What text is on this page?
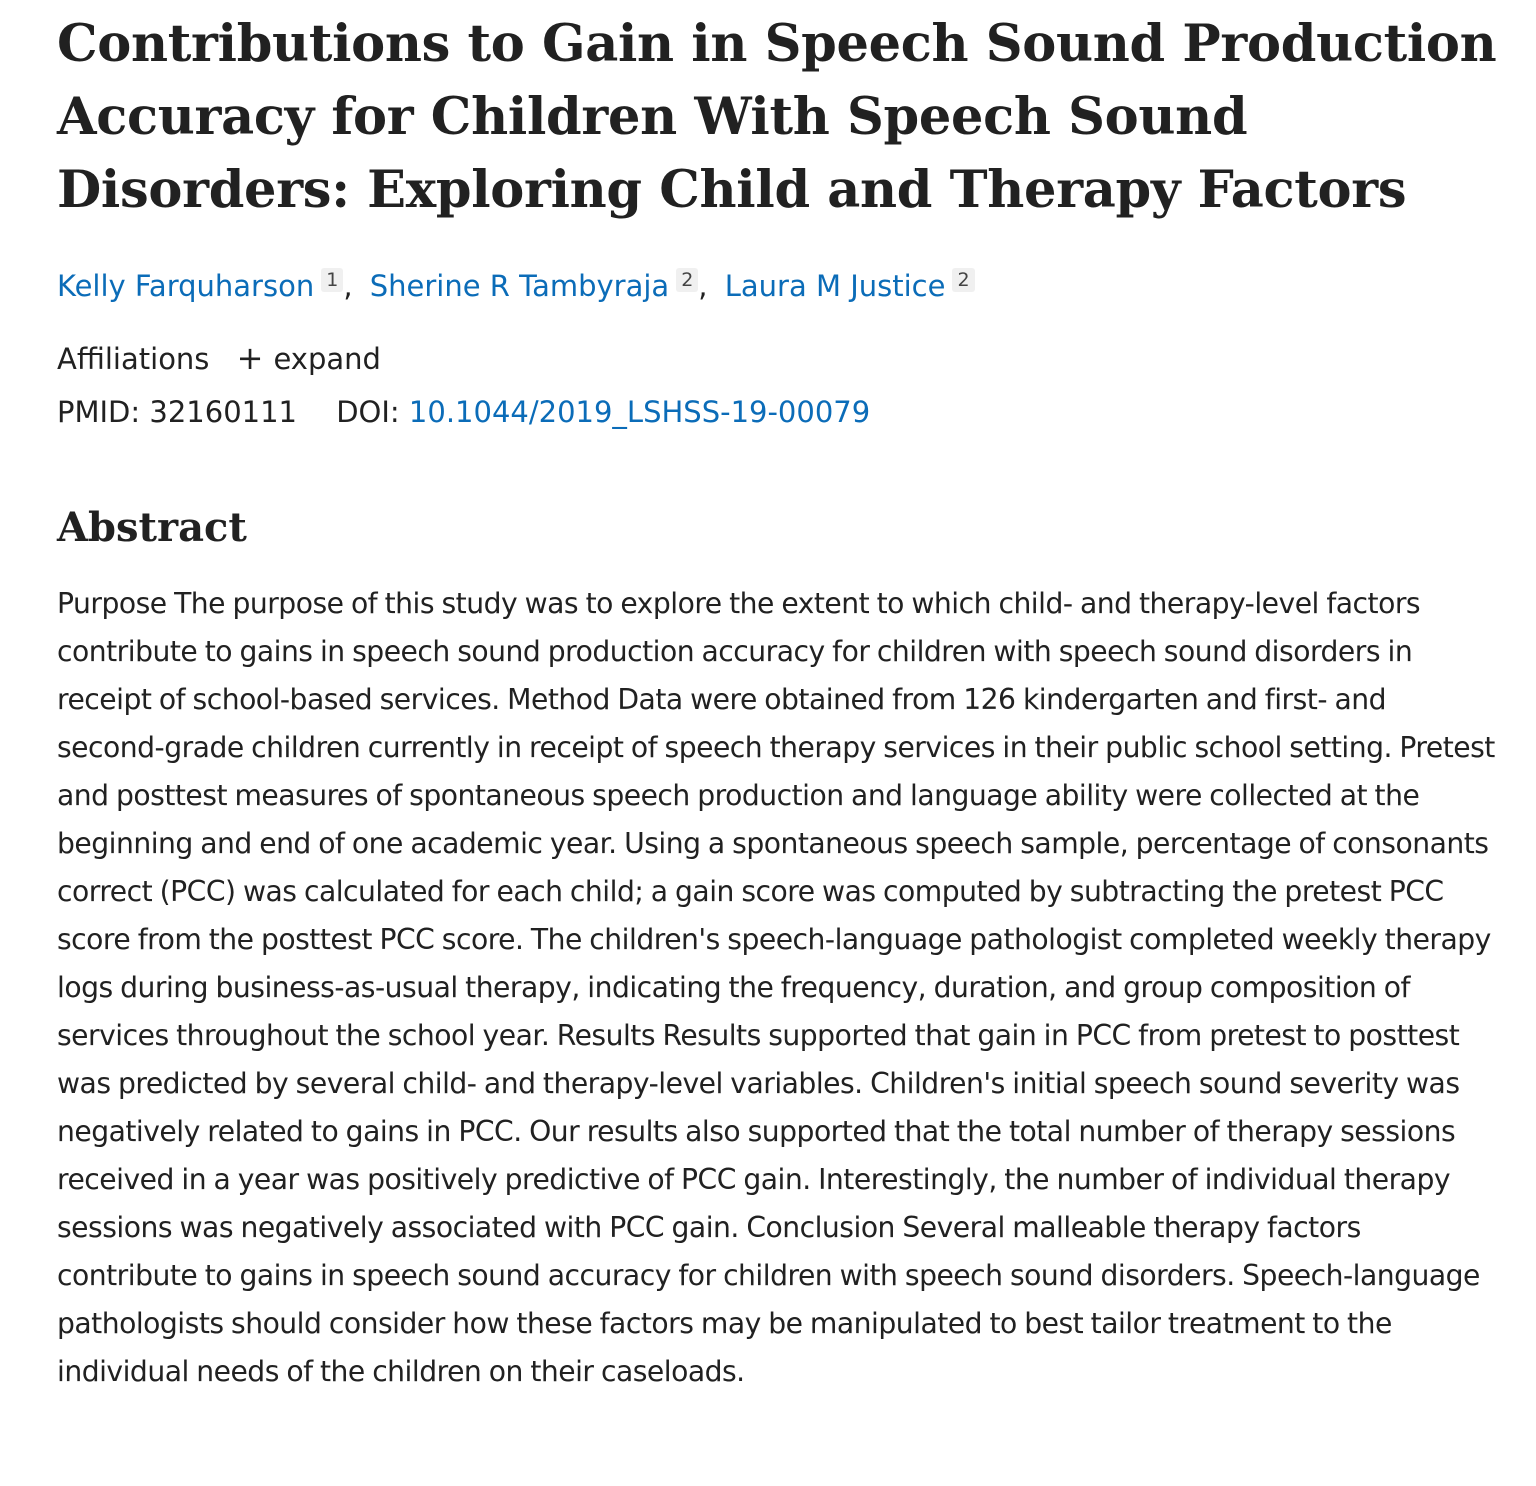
Contributions to Gain in Speech Sound Production Accuracy for Children With Speech Sound Disorders: Exploring Child and Therapy Factors
Kelly Farquharson 1 , Sherine R Tambyraja 2 , Laura M Justice 2
Affiliations + expand
PMID: 32160111 DOI: 10.1044/2019_LSHSS-19-00079
Abstract

Purpose The purpose of this study was to explore the extent to which child- and therapy-level factors contribute to gains in speech sound production accuracy for children with speech sound disorders in receipt of school-based services. Method Data were obtained from 126 kindergarten and first- and second-grade children currently in receipt of speech therapy services in their public school setting. Pretest and posttest measures of spontaneous speech production and language ability were collected at the beginning and end of one academic year. Using a spontaneous speech sample, percentage of consonants correct (PCC) was calculated for each child; a gain score was computed by subtracting the pretest PCC score from the posttest PCC score. The children's speech-language pathologist completed weekly therapy logs during business-as-usual therapy, indicating the frequency, duration, and group composition of services throughout the school year. Results Results supported that gain in PCC from pretest to posttest was predicted by several child- and therapy-level variables. Children's initial speech sound severity was negatively related to gains in PCC. Our results also supported that the total number of therapy sessions received in a year was positively predictive of PCC gain. Interestingly, the number of individual therapy sessions was negatively associated with PCC gain. Conclusion Several malleable therapy factors contribute to gains in speech sound accuracy for children with speech sound disorders. Speech-language pathologists should consider how these factors may be manipulated to best tailor treatment to the individual needs of the children on their caseloads.
